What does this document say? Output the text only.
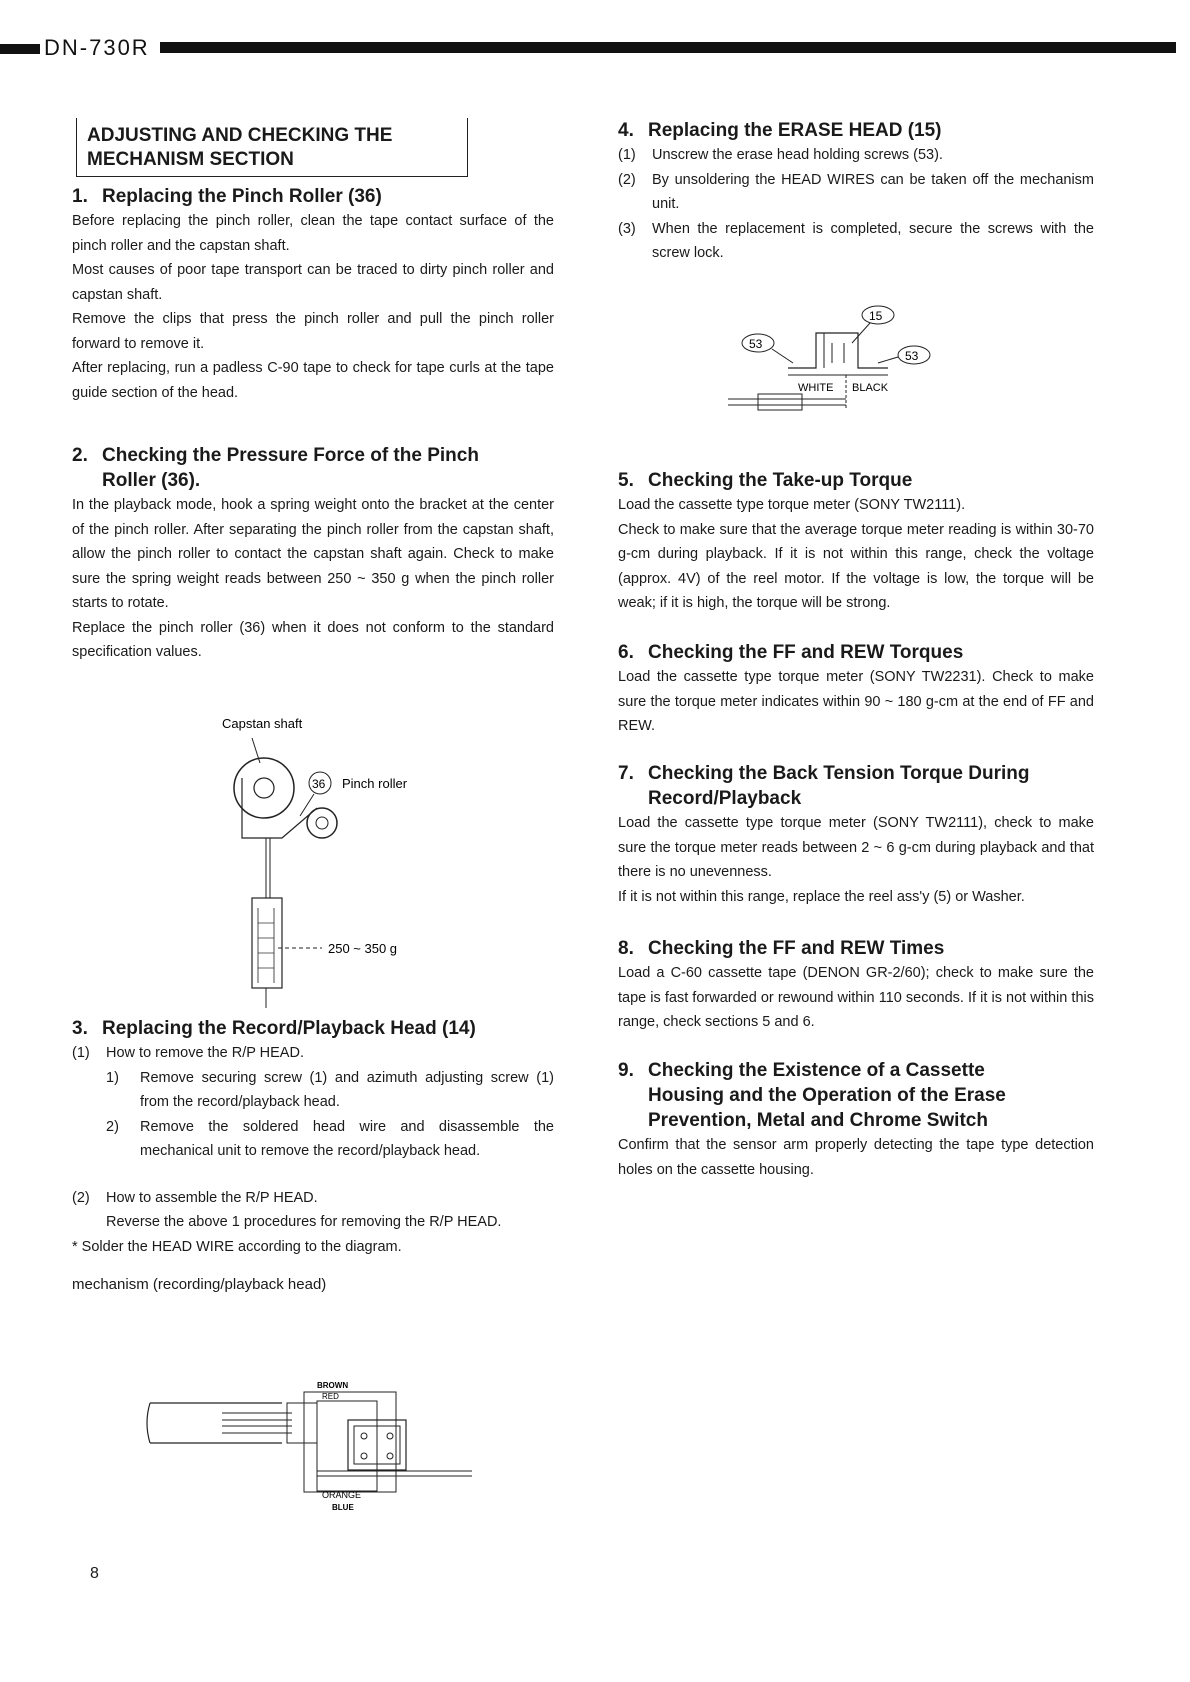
DN-730R
ADJUSTING AND CHECKING THE
MECHANISM SECTION
1. Replacing the Pinch Roller (36)

Before replacing the pinch roller, clean the tape contact surface of the pinch roller and the capstan shaft.

Most causes of poor tape transport can be traced to dirty pinch roller and capstan shaft.

Remove the clips that press the pinch roller and pull the pinch roller forward to remove it.

After replacing, run a padless C-90 tape to check for tape curls at the tape guide section of the head.

2. Checking the Pressure Force of the Pinch
Roller (36).

In the playback mode, hook a spring weight onto the bracket at the center of the pinch roller. After separating the pinch roller from the capstan shaft, allow the pinch roller to contact the capstan shaft again. Check to make sure the spring weight reads between 250 ~ 350 g when the pinch roller starts to rotate.

Replace the pinch roller (36) when it does not conform to the standard specification values.

Capstan shaft
36 Pinch roller
250 ~ 350 g
3. Replacing the Record/Playback Head (14)
(1)	How to remove the R/P HEAD.
1)	Remove securing screw (1) and azimuth adjusting screw (1) from the record/playback head.
2)	Remove the soldered head wire and disassemble the mechanical unit to remove the record/playback head.
(2)	How to assemble the R/P HEAD.
Reverse the above 1 procedures for removing the R/P HEAD.

* Solder the HEAD WIRE according to the diagram.

mechanism (recording/playback head)

BROWN
RED
ORANGE
BLUE
4. Replacing the ERASE HEAD (15)
(1)	Unscrew the erase head holding screws (53).
(2)	By unsoldering the HEAD WIRES can be taken off the mechanism unit.
(3)	When the replacement is completed, secure the screws with the screw lock.
15
53
53
WHITE BLACK
5. Checking the Take-up Torque

Load the cassette type torque meter (SONY TW2111).

Check to make sure that the average torque meter reading is within 30-70 g-cm during playback. If it is not within this range, check the voltage (approx. 4V) of the reel motor. If the voltage is low, the torque will be weak; if it is high, the torque will be strong.

6. Checking the FF and REW Torques

Load the cassette type torque meter (SONY TW2231). Check to make sure the torque meter indicates within 90 ~ 180 g-cm at the end of FF and REW.

7. Checking the Back Tension Torque During
Record/Playback

Load the cassette type torque meter (SONY TW2111), check to make sure the torque meter reads between 2 ~ 6 g-cm during playback and that there is no unevenness.

If it is not within this range, replace the reel ass'y (5) or Washer.

8. Checking the FF and REW Times

Load a C-60 cassette tape (DENON GR-2/60); check to make sure the tape is fast forwarded or rewound within 110 seconds. If it is not within this range, check sections 5 and 6.

9. Checking the Existence of a Cassette
Housing and the Operation of the Erase
Prevention, Metal and Chrome Switch

Confirm that the sensor arm properly detecting the tape type detection holes on the cassette housing.

8
